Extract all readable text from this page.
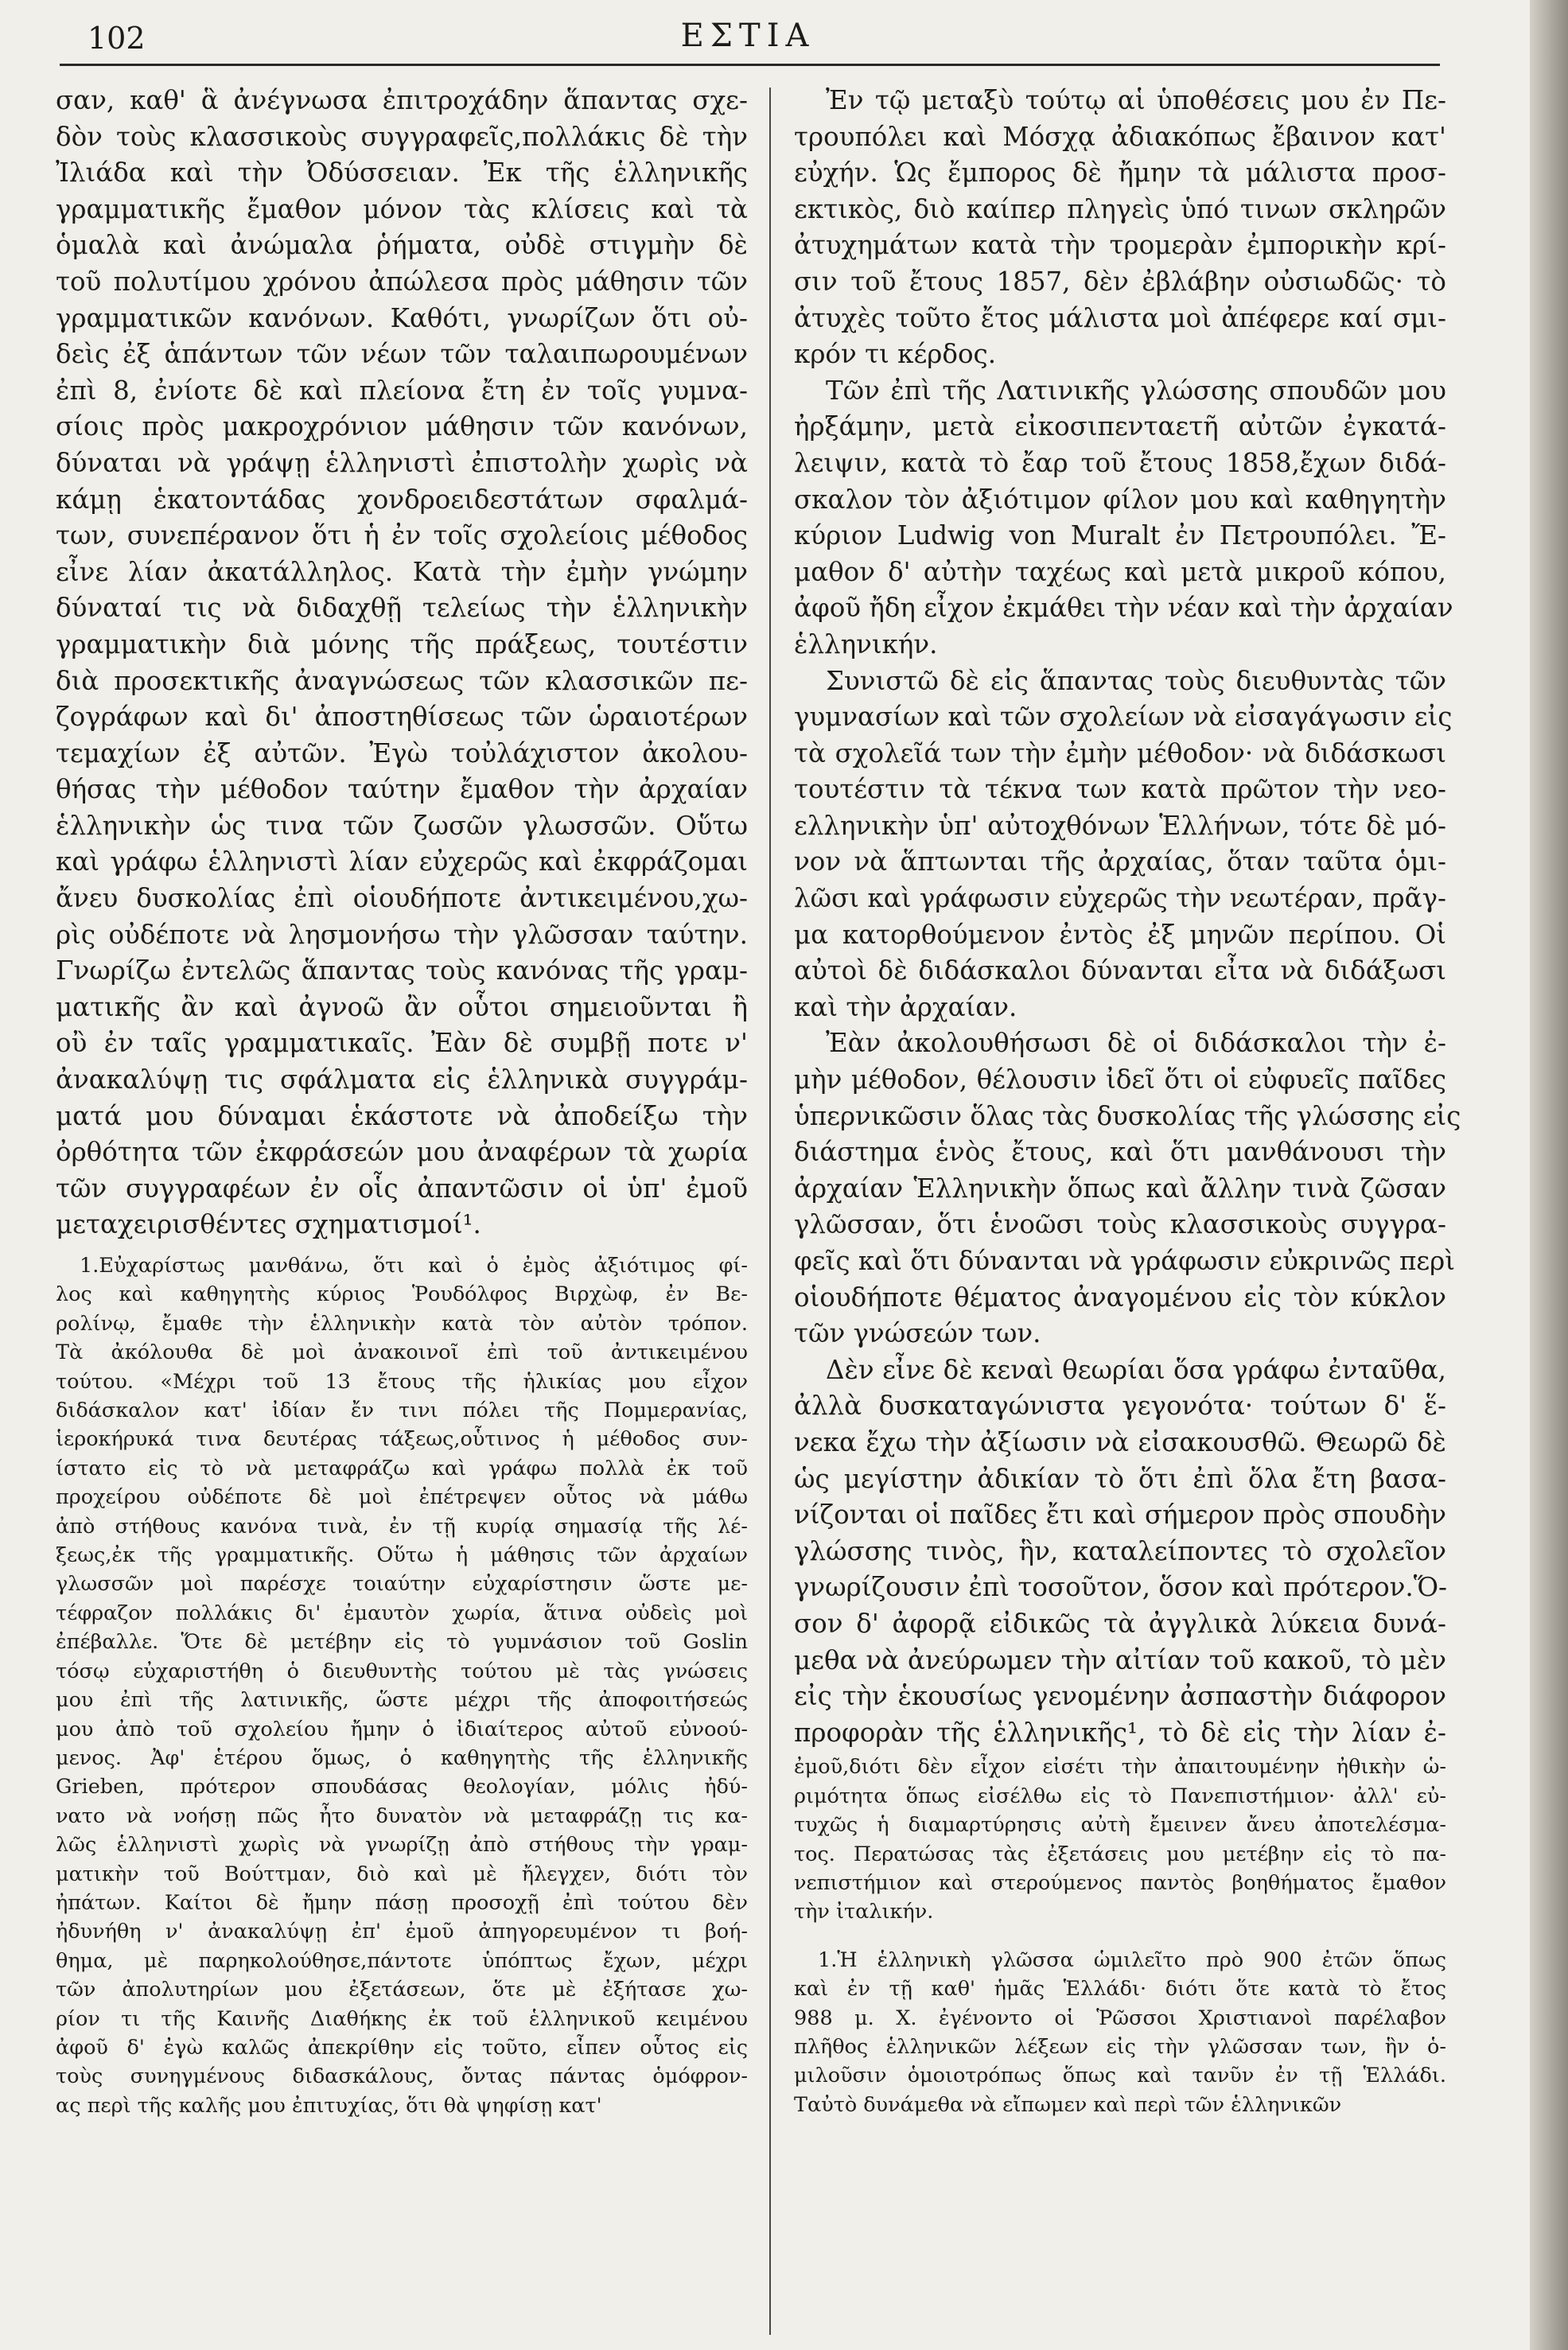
102	ΕΣΤΙΑ
σαν, καθ' ἃ ἀνέγνωσα ἐπιτροχάδην ἅπαντας σχε-
δὸν τοὺς κλασσικοὺς συγγραφεῖς,πολλάκις δὲ τὴν
Ἰλιάδα καὶ τὴν Ὀδύσσειαν. Ἐκ τῆς ἑλληνικῆς
γραμματικῆς ἔμαθον μόνον τὰς κλίσεις καὶ τὰ
ὁμαλὰ καὶ ἀνώμαλα ῥήματα, οὐδὲ στιγμὴν δὲ
τοῦ πολυτίμου χρόνου ἀπώλεσα πρὸς μάθησιν τῶν
γραμματικῶν κανόνων. Καθότι, γνωρίζων ὅτι οὐ-
δεὶς ἐξ ἁπάντων τῶν νέων τῶν ταλαιπωρουμένων
ἐπὶ 8, ἐνίοτε δὲ καὶ πλείονα ἔτη ἐν τοῖς γυμνα-
σίοις πρὸς μακροχρόνιον μάθησιν τῶν κανόνων,
δύναται νὰ γράψῃ ἑλληνιστὶ ἐπιστολὴν χωρὶς νὰ
κάμῃ ἑκατοντάδας χονδροειδεστάτων σφαλμά-
των, συνεπέρανον ὅτι ἡ ἐν τοῖς σχολείοις μέθοδος
εἶνε λίαν ἀκατάλληλος. Κατὰ τὴν ἐμὴν γνώμην
δύναταί τις νὰ διδαχθῇ τελείως τὴν ἑλληνικὴν
γραμματικὴν διὰ μόνης τῆς πράξεως, τουτέστιν
διὰ προσεκτικῆς ἀναγνώσεως τῶν κλασσικῶν πε-
ζογράφων καὶ δι' ἀποστηθίσεως τῶν ὡραιοτέρων
τεμαχίων ἐξ αὐτῶν. Ἐγὼ τοὐλάχιστον ἀκολου-
θήσας τὴν μέθοδον ταύτην ἔμαθον τὴν ἀρχαίαν
ἑλληνικὴν ὡς τινα τῶν ζωσῶν γλωσσῶν. Οὕτω
καὶ γράφω ἑλληνιστὶ λίαν εὐχερῶς καὶ ἐκφράζομαι
ἄνευ δυσκολίας ἐπὶ οἱουδήποτε ἀντικειμένου,χω-
ρὶς οὐδέποτε νὰ λησμονήσω τὴν γλῶσσαν ταύτην.
Γνωρίζω ἐντελῶς ἅπαντας τοὺς κανόνας τῆς γραμ-
ματικῆς ἂν καὶ ἀγνοῶ ἂν οὗτοι σημειοῦνται ἢ
οὒ ἐν ταῖς γραμματικαῖς. Ἐὰν δὲ συμβῇ ποτε ν'
ἀνακαλύψῃ τις σφάλματα εἰς ἑλληνικὰ συγγράμ-
ματά μου δύναμαι ἑκάστοτε νὰ ἀποδείξω τὴν
ὀρθότητα τῶν ἐκφράσεών μου ἀναφέρων τὰ χωρία
τῶν συγγραφέων ἐν οἷς ἀπαντῶσιν οἱ ὑπ' ἐμοῦ
μεταχειρισθέντες σχηματισμοί¹.
1.Εὐχαρίστως μανθάνω, ὅτι καὶ ὁ ἐμὸς ἀξιότιμος φί-
λος καὶ καθηγητὴς κύριος Ῥουδόλφος Βιρχὼφ, ἐν Βε-
ρολίνῳ, ἔμαθε τὴν ἑλληνικὴν κατὰ τὸν αὐτὸν τρόπον.
Τὰ ἀκόλουθα δὲ μοὶ ἀνακοινοῖ ἐπὶ τοῦ ἀντικειμένου
τούτου. «Μέχρι τοῦ 13 ἔτους τῆς ἡλικίας μου εἶχον
διδάσκαλον κατ' ἰδίαν ἔν τινι πόλει τῆς Πομμερανίας,
ἱεροκήρυκά τινα δευτέρας τάξεως,οὗτινος ἡ μέθοδος συν-
ίστατο εἰς τὸ νὰ μεταφράζω καὶ γράφω πολλὰ ἐκ τοῦ
προχείρου οὐδέποτε δὲ μοὶ ἐπέτρεψεν οὗτος νὰ μάθω
ἀπὸ στήθους κανόνα τινὰ, ἐν τῇ κυρίᾳ σημασίᾳ τῆς λέ-
ξεως,ἐκ τῆς γραμματικῆς. Οὕτω ἡ μάθησις τῶν ἀρχαίων
γλωσσῶν μοὶ παρέσχε τοιαύτην εὐχαρίστησιν ὥστε με-
τέφραζον πολλάκις δι' ἐμαυτὸν χωρία, ἅτινα οὐδεὶς μοὶ
ἐπέβαλλε. Ὅτε δὲ μετέβην εἰς τὸ γυμνάσιον τοῦ Goslin
τόσῳ εὐχαριστήθη ὁ διευθυντὴς τούτου μὲ τὰς γνώσεις
μου ἐπὶ τῆς λατινικῆς, ὥστε μέχρι τῆς ἀποφοιτήσεώς
μου ἀπὸ τοῦ σχολείου ἤμην ὁ ἰδιαίτερος αὐτοῦ εὐνοού-
μενος. Ἀφ' ἑτέρου ὅμως, ὁ καθηγητὴς τῆς ἑλληνικῆς
Grieben, πρότερον σπουδάσας θεολογίαν, μόλις ἠδύ-
νατο νὰ νοήσῃ πῶς ἦτο δυνατὸν νὰ μεταφράζῃ τις κα-
λῶς ἑλληνιστὶ χωρὶς νὰ γνωρίζῃ ἀπὸ στήθους τὴν γραμ-
ματικὴν τοῦ Βούττμαν, διὸ καὶ μὲ ἤλεγχεν, διότι τὸν
ἠπάτων. Καίτοι δὲ ἤμην πάσῃ προσοχῇ ἐπὶ τούτου δὲν
ἠδυνήθη ν' ἀνακαλύψῃ ἐπ' ἐμοῦ ἀπηγορευμένον τι βοή-
θημα, μὲ παρηκολούθησε,πάντοτε ὑπόπτως ἔχων, μέχρι
τῶν ἀπολυτηρίων μου ἐξετάσεων, ὅτε μὲ ἐξήτασε χω-
ρίον τι τῆς Καινῆς Διαθήκης ἐκ τοῦ ἑλληνικοῦ κειμένου
ἀφοῦ δ' ἐγὼ καλῶς ἀπεκρίθην εἰς τοῦτο, εἶπεν οὗτος εἰς
τοὺς συνηγμένους διδασκάλους, ὄντας πάντας ὁμόφρον-
ας περὶ τῆς καλῆς μου ἐπιτυχίας, ὅτι θὰ ψηφίσῃ κατ'
Ἐν τῷ μεταξὺ τούτῳ αἱ ὑποθέσεις μου ἐν Πε-
τρουπόλει καὶ Μόσχᾳ ἀδιακόπως ἔβαινον κατ'
εὐχήν. Ὡς ἔμπορος δὲ ἤμην τὰ μάλιστα προσ-
εκτικὸς, διὸ καίπερ πληγεὶς ὑπό τινων σκληρῶν
ἀτυχημάτων κατὰ τὴν τρομερὰν ἐμπορικὴν κρί-
σιν τοῦ ἔτους 1857, δὲν ἐβλάβην οὐσιωδῶς· τὸ
ἀτυχὲς τοῦτο ἔτος μάλιστα μοὶ ἀπέφερε καί σμι-
κρόν τι κέρδος.
Τῶν ἐπὶ τῆς Λατινικῆς γλώσσης σπουδῶν μου
ἠρξάμην, μετὰ εἰκοσιπενταετῆ αὐτῶν ἐγκατά-
λειψιν, κατὰ τὸ ἔαρ τοῦ ἔτους 1858,ἔχων διδά-
σκαλον τὸν ἀξιότιμον φίλον μου καὶ καθηγητὴν
κύριον Ludwig von Muralt ἐν Πετρουπόλει. Ἔ-
μαθον δ' αὐτὴν ταχέως καὶ μετὰ μικροῦ κόπου,
ἀφοῦ ἤδη εἶχον ἐκμάθει τὴν νέαν καὶ τὴν ἀρχαίαν
ἑλληνικήν.
Συνιστῶ δὲ εἰς ἅπαντας τοὺς διευθυντὰς τῶν
γυμνασίων καὶ τῶν σχολείων νὰ εἰσαγάγωσιν εἰς
τὰ σχολεῖά των τὴν ἐμὴν μέθοδον· νὰ διδάσκωσι
τουτέστιν τὰ τέκνα των κατὰ πρῶτον τὴν νεο-
ελληνικὴν ὑπ' αὐτοχθόνων Ἑλλήνων, τότε δὲ μό-
νον νὰ ἅπτωνται τῆς ἀρχαίας, ὅταν ταῦτα ὁμι-
λῶσι καὶ γράφωσιν εὐχερῶς τὴν νεωτέραν, πρᾶγ-
μα κατορθούμενον ἐντὸς ἐξ μηνῶν περίπου. Οἱ
αὐτοὶ δὲ διδάσκαλοι δύνανται εἶτα νὰ διδάξωσι
καὶ τὴν ἀρχαίαν.
Ἐὰν ἀκολουθήσωσι δὲ οἱ διδάσκαλοι τὴν ἐ-
μὴν μέθοδον, θέλουσιν ἰδεῖ ὅτι οἱ εὐφυεῖς παῖδες
ὑπερνικῶσιν ὅλας τὰς δυσκολίας τῆς γλώσσης εἰς
διάστημα ἑνὸς ἔτους, καὶ ὅτι μανθάνουσι τὴν
ἀρχαίαν Ἑλληνικὴν ὅπως καὶ ἄλλην τινὰ ζῶσαν
γλῶσσαν, ὅτι ἑνοῶσι τοὺς κλασσικοὺς συγγρα-
φεῖς καὶ ὅτι δύνανται νὰ γράφωσιν εὐκρινῶς περὶ
οἱουδήποτε θέματος ἀναγομένου εἰς τὸν κύκλον
τῶν γνώσεών των.
Δὲν εἶνε δὲ κεναὶ θεωρίαι ὅσα γράφω ἐνταῦθα,
ἀλλὰ δυσκαταγώνιστα γεγονότα· τούτων δ' ἕ-
νεκα ἔχω τὴν ἀξίωσιν νὰ εἰσακουσθῶ. Θεωρῶ δὲ
ὡς μεγίστην ἀδικίαν τὸ ὅτι ἐπὶ ὅλα ἔτη βασα-
νίζονται οἱ παῖδες ἔτι καὶ σήμερον πρὸς σπουδὴν
γλώσσης τινὸς, ἣν, καταλείποντες τὸ σχολεῖον
γνωρίζουσιν ἐπὶ τοσοῦτον, ὅσον καὶ πρότερον.Ὅ-
σον δ' ἀφορᾷ εἰδικῶς τὰ ἀγγλικὰ λύκεια δυνά-
μεθα νὰ ἀνεύρωμεν τὴν αἰτίαν τοῦ κακοῦ, τὸ μὲν
εἰς τὴν ἑκουσίως γενομένην ἀσπαστὴν διάφορον
προφορὰν τῆς ἑλληνικῆς¹, τὸ δὲ εἰς τὴν λίαν ἐ-
ἐμοῦ,διότι δὲν εἶχον εἰσέτι τὴν ἀπαιτουμένην ἠθικὴν ὡ-
ριμότητα ὅπως εἰσέλθω εἰς τὸ Πανεπιστήμιον· ἀλλ' εὐ-
τυχῶς ἡ διαμαρτύρησις αὐτὴ ἔμεινεν ἄνευ ἀποτελέσμα-
τος. Περατώσας τὰς ἐξετάσεις μου μετέβην εἰς τὸ πα-
νεπιστήμιον καὶ στερούμενος παντὸς βοηθήματος ἔμαθον
τὴν ἰταλικήν.
1.Ἡ ἑλληνικὴ γλῶσσα ὡμιλεῖτο πρὸ 900 ἐτῶν ὅπως
καὶ ἐν τῇ καθ' ἡμᾶς Ἑλλάδι· διότι ὅτε κατὰ τὸ ἔτος
988 μ. Χ. ἐγένοντο οἱ Ῥῶσσοι Χριστιανοὶ παρέλαβον
πλῆθος ἑλληνικῶν λέξεων εἰς τὴν γλῶσσαν των, ἣν ὁ-
μιλοῦσιν ὁμοιοτρόπως ὅπως καὶ τανῦν ἐν τῇ Ἑλλάδι.
Ταὐτὸ δυνάμεθα νὰ εἴπωμεν καὶ περὶ τῶν ἑλληνικῶν
